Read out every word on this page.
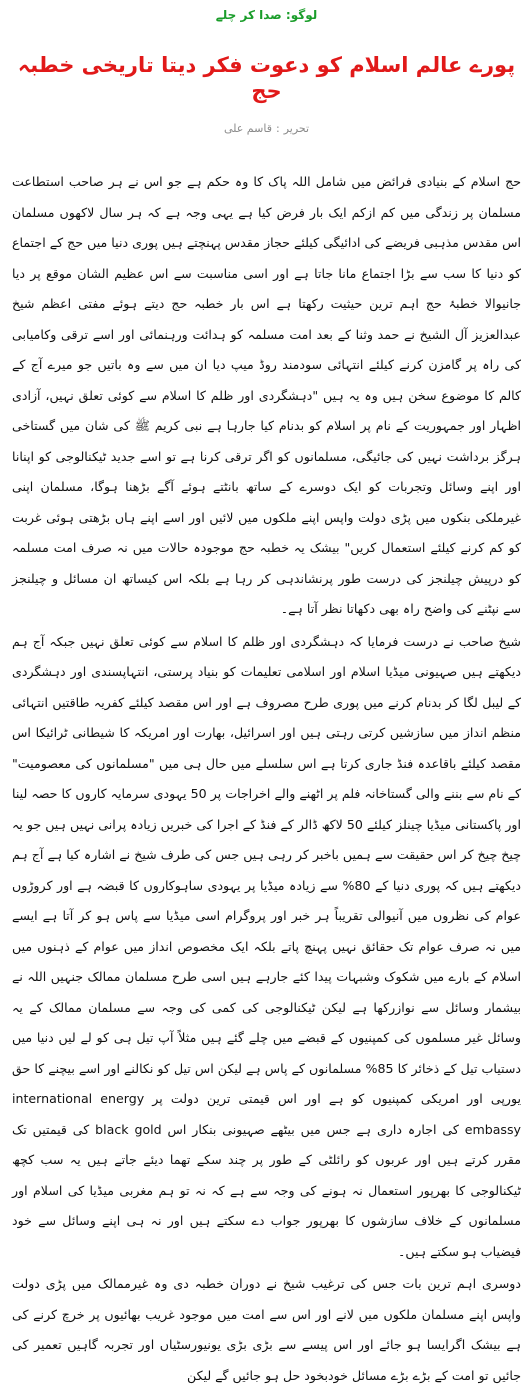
لوگو: صدا کر چلے
پورے عالم اسلام کو دعوت فکر دیتا تاریخی خطبہ حج
تحریر:قاسم علی

حج اسلام کے بنیادی فرائض میں شامل اللہ پاک کا وہ حکم ہے جو اس نے ہر صاحب استطاعت مسلمان پر زندگی میں کم ازکم ایک بار فرض کیا ہے یہی وجہ ہے کہ ہر سال لاکھوں مسلمان اس مقدس مذہبی فریضے کی ادائیگی کیلئے حجاز مقدس پہنچتے ہیں پوری دنیا میں حج کے اجتماع کو دنیا کا سب سے بڑا اجتماع مانا جاتا ہے اور اسی مناسبت سے اس عظیم الشان موقع پر دیا جانیوالا خطبۂ حج اہم ترین حیثیت رکھتا ہے اس بار خطبہ حج دیتے ہوئے مفتی اعظم شیخ عبدالعزیز آل الشیخ نے حمد وثنا کے بعد امت مسلمہ کو ہدائت ورہنمائی اور اسے ترقی وکامیابی کی راہ پر گامزن کرنے کیلئے انتہائی سودمند روڈ میپ دیا ان میں سے وہ باتیں جو میرے آج کے کالم کا موضوع سخن ہیں وہ یہ ہیں "دہشگردی اور ظلم کا اسلام سے کوئی تعلق نہیں، آزادی اظہار اور جمہوریت کے نام پر اسلام کو بدنام کیا جارہا ہے نبی کریم ﷺ کی شان میں گستاخی ہرگز برداشت نہیں کی جائیگی، مسلمانوں کو اگر ترقی کرنا ہے تو اسے جدید ٹیکنالوجی کو اپنانا اور اپنے وسائل وتجربات کو ایک دوسرے کے ساتھ بانٹتے ہوئے آگے بڑھنا ہوگا، مسلمان اپنی غیرملکی بنکوں میں پڑی دولت واپس اپنے ملکوں میں لائیں اور اسے اپنے ہاں بڑھتی ہوئی غربت کو کم کرنے کیلئے استعمال کریں" بیشک یہ خطبہ حج موجودہ حالات میں نہ صرف امت مسلمہ کو درپیش چیلنجز کی درست طور پرنشاندہی کر رہا ہے بلکہ اس کیساتھ ان مسائل و چیلنجز سے نپٹنے کی واضح راہ بھی دکھاتا نظر آتا ہے۔

شیخ صاحب نے درست فرمایا کہ دہشگردی اور ظلم کا اسلام سے کوئی تعلق نہیں جبکہ آج ہم دیکھتے ہیں صہیونی میڈیا اسلام اور اسلامی تعلیمات کو بنیاد پرستی، انتہاپسندی اور دہشگردی کے لیبل لگا کر بدنام کرنے میں پوری طرح مصروف ہے اور اس مقصد کیلئے کفریہ طاقتیں انتہائی منظم انداز میں سازشیں کرتی رہتی ہیں اور اسرائیل، بھارت اور امریکہ کا شیطانی ٹرائیکا اس مقصد کیلئے باقاعدہ فنڈ جاری کرتا ہے اس سلسلے میں حال ہی میں "مسلمانوں کی معصومیت" کے نام سے بننے والی گستاخانہ فلم پر اٹھنے والے اخراجات پر 50 یہودی سرمایہ کاروں کا حصہ لینا اور پاکستانی میڈیا چینلز کیلئے 50 لاکھ ڈالر کے فنڈ کے اجرا کی خبریں زیادہ پرانی نہیں ہیں جو یہ چیخ چیخ کر اس حقیقت سے ہمیں باخبر کر رہی ہیں جس کی طرف شیخ نے اشارہ کیا ہے آج ہم دیکھتے ہیں کہ پوری دنیا کے 80% سے زیادہ میڈیا پر یہودی ساہوکاروں کا قبضہ ہے اور کروڑوں عوام کی نظروں میں آنیوالی تقریباً ہر خبر اور پروگرام اسی میڈیا سے پاس ہو کر آتا ہے ایسے میں نہ صرف عوام تک حقائق نہیں پہنچ پاتے بلکہ ایک مخصوص انداز میں عوام کے ذہنوں میں اسلام کے بارے میں شکوک وشبہات پیدا کئے جارہے ہیں اسی طرح مسلمان ممالک جنہیں اللہ نے بیشمار وسائل سے نوازرکھا ہے لیکن ٹیکنالوجی کی کمی کی وجہ سے مسلمان ممالک کے یہ وسائل غیر مسلموں کی کمپنیوں کے قبضے میں چلے گئے ہیں مثلاً آپ تیل ہی کو لے لیں دنیا میں دستیاب تیل کے ذخائر کا 85% مسلمانوں کے پاس ہے لیکن اس تیل کو نکالنے اور اسے بیچنے کا حق یورپی اور امریکی کمپنیوں کو ہے اور اس قیمتی ترین دولت پر international energy embassy کی اجارہ داری ہے جس میں بیٹھے صہیونی بنکار اس black gold کی قیمتیں تک مقرر کرتے ہیں اور عربوں کو رائلٹی کے طور پر چند سکے تھما دیئے جاتے ہیں یہ سب کچھ ٹیکنالوجی کا بھرپور استعمال نہ ہونے کی وجہ سے ہے کہ نہ تو ہم مغربی میڈیا کی اسلام اور مسلمانوں کے خلاف سازشوں کا بھرپور جواب دے سکتے ہیں اور نہ ہی اپنے وسائل سے خود فیضیاب ہو سکتے ہیں۔

دوسری اہم ترین بات جس کی ترغیب شیخ نے دوران خطبہ دی وہ غیرممالک میں پڑی دولت واپس اپنے مسلمان ملکوں میں لانے اور اس سے امت میں موجود غریب بھائیوں پر خرچ کرنے کی ہے بیشک اگرایسا ہو جائے اور اس پیسے سے بڑی بڑی یونیورسٹیاں اور تجربہ گاہیں تعمیر کی جائیں تو امت کے بڑے بڑے مسائل خودبخود حل ہو جائیں گے لیکن
